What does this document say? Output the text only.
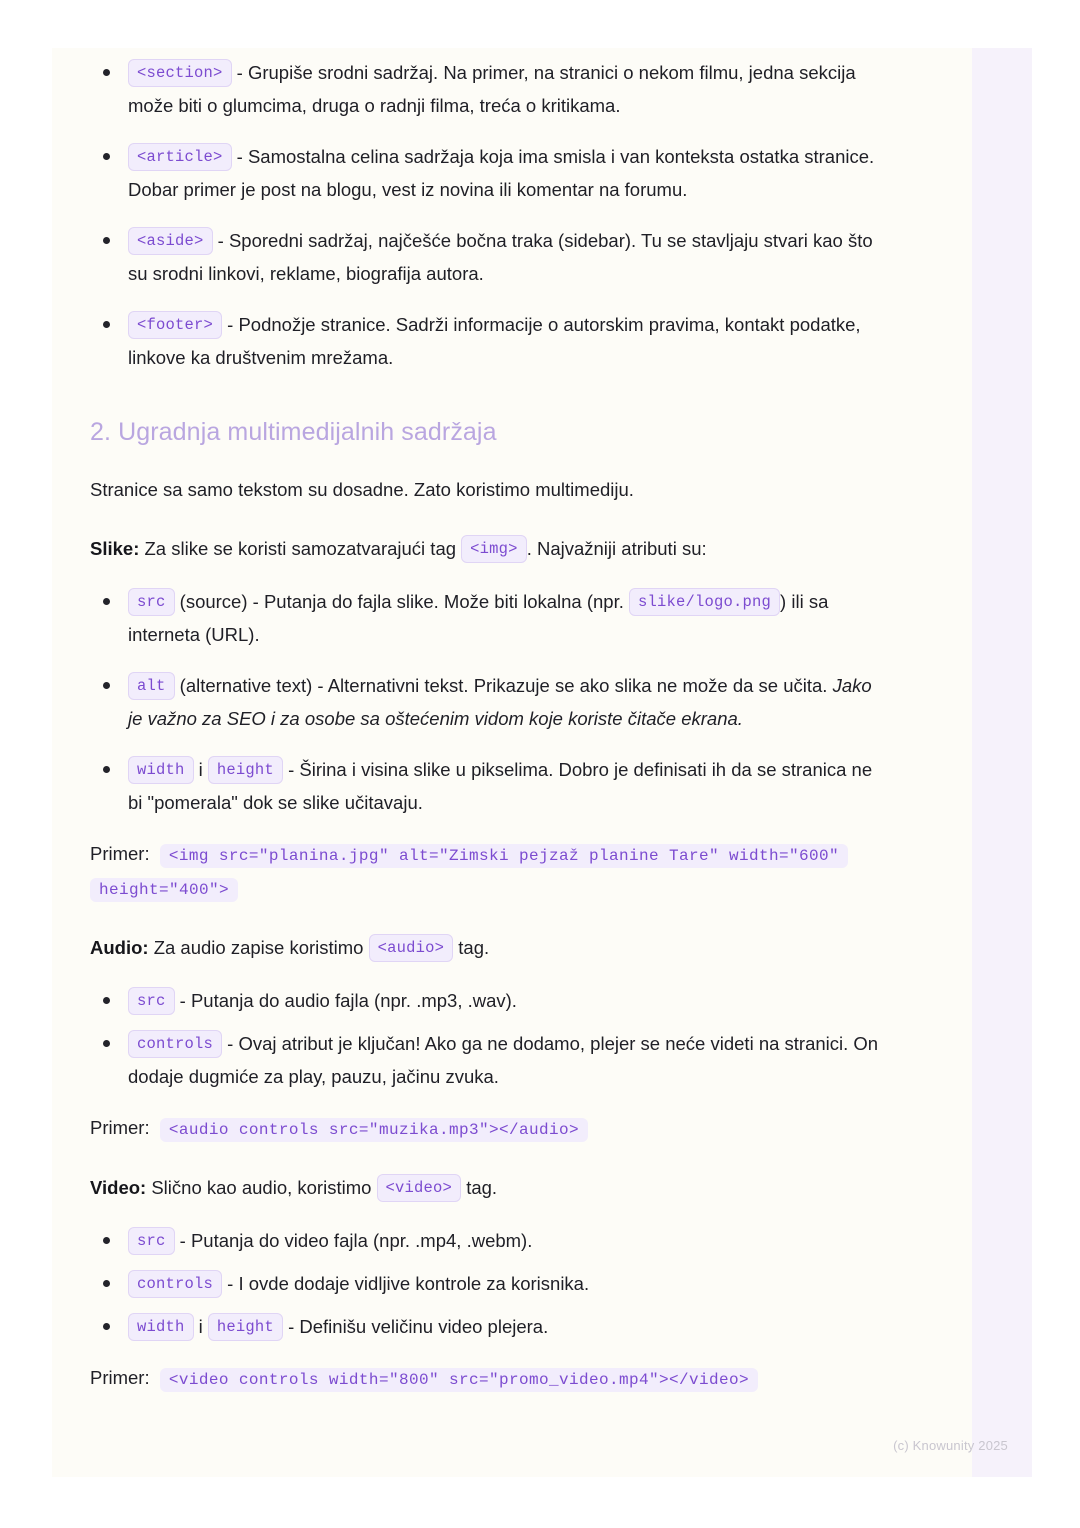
<section> - Grupiše srodni sadržaj. Na primer, na stranici o nekom filmu, jedna sekcija može biti o glumcima, druga o radnji filma, treća o kritikama.
<article> - Samostalna celina sadržaja koja ima smisla i van konteksta ostatka stranice. Dobar primer je post na blogu, vest iz novina ili komentar na forumu.
<aside> - Sporedni sadržaj, najčešće bočna traka (sidebar). Tu se stavljaju stvari kao što su srodni linkovi, reklame, biografija autora.
<footer> - Podnožje stranice. Sadrži informacije o autorskim pravima, kontakt podatke, linkove ka društvenim mrežama.
2. Ugradnja multimedijalnih sadržaja

Stranice sa samo tekstom su dosadne. Zato koristimo multimediju.

Slike: Za slike se koristi samozatvarajući tag <img> . Najvažniji atributi su:

src (source) - Putanja do fajla slike. Može biti lokalna (npr. slike/logo.png ) ili sa interneta (URL).
alt (alternative text) - Alternativni tekst. Prikazuje se ako slika ne može da se učita. Jako je važno za SEO i za osobe sa oštećenim vidom koje koriste čitače ekrana.
width i height - Širina i visina slike u pikselima. Dobro je definisati ih da se stranica ne bi "pomerala" dok se slike učitavaju.
Primer: <img src="planina.jpg" alt="Zimski pejzaž planine Tare" width="600" height="400">

Audio: Za audio zapise koristimo <audio> tag.

src - Putanja do audio fajla (npr. .mp3, .wav).
controls - Ovaj atribut je ključan! Ako ga ne dodamo, plejer se neće videti na stranici. On dodaje dugmiće za play, pauzu, jačinu zvuka.
Primer: <audio controls src="muzika.mp3"></audio>

Video: Slično kao audio, koristimo <video> tag.

src - Putanja do video fajla (npr. .mp4, .webm).
controls - I ovde dodaje vidljive kontrole za korisnika.
width i height - Definišu veličinu video plejera.
Primer: <video controls width="800" src="promo_video.mp4"></video>
(c) Knowunity 2025
